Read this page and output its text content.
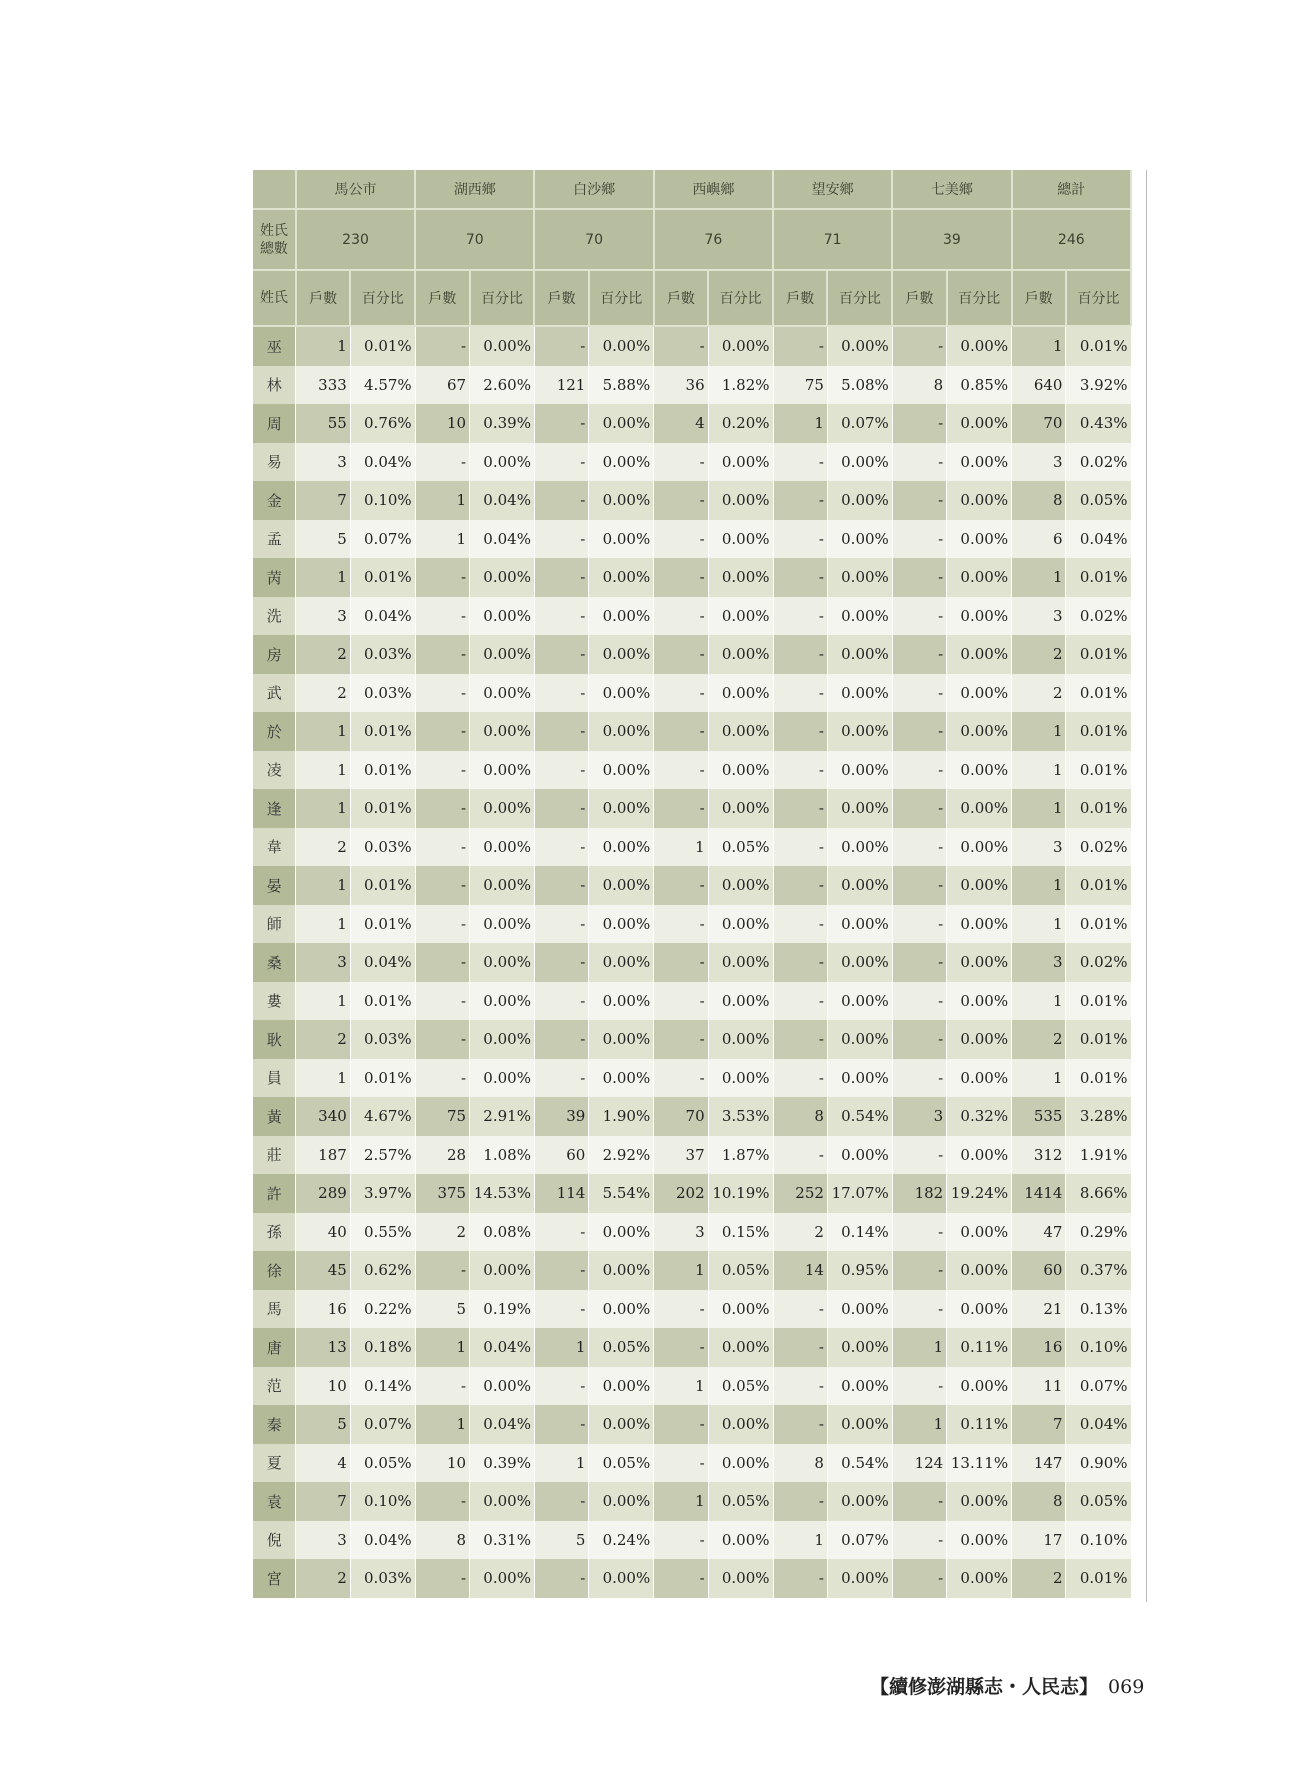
	馬公市		湖西鄉		白沙鄉		西嶼鄉		望安鄉		七美鄉		總計	
姓氏
總數	230		70		70		76		71		39		246	
姓氏	戶數	百分比	戶數	百分比	戶數	百分比	戶數	百分比	戶數	百分比	戶數	百分比	戶數	百分比
巫	1	0.01%	-	0.00%	-	0.00%	-	0.00%	-	0.00%	-	0.00%	1	0.01%
林	333	4.57%	67	2.60%	121	5.88%	36	1.82%	75	5.08%	8	0.85%	640	3.92%
周	55	0.76%	10	0.39%	-	0.00%	4	0.20%	1	0.07%	-	0.00%	70	0.43%
易	3	0.04%	-	0.00%	-	0.00%	-	0.00%	-	0.00%	-	0.00%	3	0.02%
金	7	0.10%	1	0.04%	-	0.00%	-	0.00%	-	0.00%	-	0.00%	8	0.05%
孟	5	0.07%	1	0.04%	-	0.00%	-	0.00%	-	0.00%	-	0.00%	6	0.04%
苪	1	0.01%	-	0.00%	-	0.00%	-	0.00%	-	0.00%	-	0.00%	1	0.01%
洗	3	0.04%	-	0.00%	-	0.00%	-	0.00%	-	0.00%	-	0.00%	3	0.02%
房	2	0.03%	-	0.00%	-	0.00%	-	0.00%	-	0.00%	-	0.00%	2	0.01%
武	2	0.03%	-	0.00%	-	0.00%	-	0.00%	-	0.00%	-	0.00%	2	0.01%
於	1	0.01%	-	0.00%	-	0.00%	-	0.00%	-	0.00%	-	0.00%	1	0.01%
凌	1	0.01%	-	0.00%	-	0.00%	-	0.00%	-	0.00%	-	0.00%	1	0.01%
逢	1	0.01%	-	0.00%	-	0.00%	-	0.00%	-	0.00%	-	0.00%	1	0.01%
韋	2	0.03%	-	0.00%	-	0.00%	1	0.05%	-	0.00%	-	0.00%	3	0.02%
晏	1	0.01%	-	0.00%	-	0.00%	-	0.00%	-	0.00%	-	0.00%	1	0.01%
師	1	0.01%	-	0.00%	-	0.00%	-	0.00%	-	0.00%	-	0.00%	1	0.01%
桑	3	0.04%	-	0.00%	-	0.00%	-	0.00%	-	0.00%	-	0.00%	3	0.02%
婁	1	0.01%	-	0.00%	-	0.00%	-	0.00%	-	0.00%	-	0.00%	1	0.01%
耿	2	0.03%	-	0.00%	-	0.00%	-	0.00%	-	0.00%	-	0.00%	2	0.01%
員	1	0.01%	-	0.00%	-	0.00%	-	0.00%	-	0.00%	-	0.00%	1	0.01%
黃	340	4.67%	75	2.91%	39	1.90%	70	3.53%	8	0.54%	3	0.32%	535	3.28%
莊	187	2.57%	28	1.08%	60	2.92%	37	1.87%	-	0.00%	-	0.00%	312	1.91%
許	289	3.97%	375	14.53%	114	5.54%	202	10.19%	252	17.07%	182	19.24%	1414	8.66%
孫	40	0.55%	2	0.08%	-	0.00%	3	0.15%	2	0.14%	-	0.00%	47	0.29%
徐	45	0.62%	-	0.00%	-	0.00%	1	0.05%	14	0.95%	-	0.00%	60	0.37%
馬	16	0.22%	5	0.19%	-	0.00%	-	0.00%	-	0.00%	-	0.00%	21	0.13%
唐	13	0.18%	1	0.04%	1	0.05%	-	0.00%	-	0.00%	1	0.11%	16	0.10%
范	10	0.14%	-	0.00%	-	0.00%	1	0.05%	-	0.00%	-	0.00%	11	0.07%
秦	5	0.07%	1	0.04%	-	0.00%	-	0.00%	-	0.00%	1	0.11%	7	0.04%
夏	4	0.05%	10	0.39%	1	0.05%	-	0.00%	8	0.54%	124	13.11%	147	0.90%
袁	7	0.10%	-	0.00%	-	0.00%	1	0.05%	-	0.00%	-	0.00%	8	0.05%
倪	3	0.04%	8	0.31%	5	0.24%	-	0.00%	1	0.07%	-	0.00%	17	0.10%
宮	2	0.03%	-	0.00%	-	0.00%	-	0.00%	-	0.00%	-	0.00%	2	0.01%
【續修澎湖縣志・人民志】 069
